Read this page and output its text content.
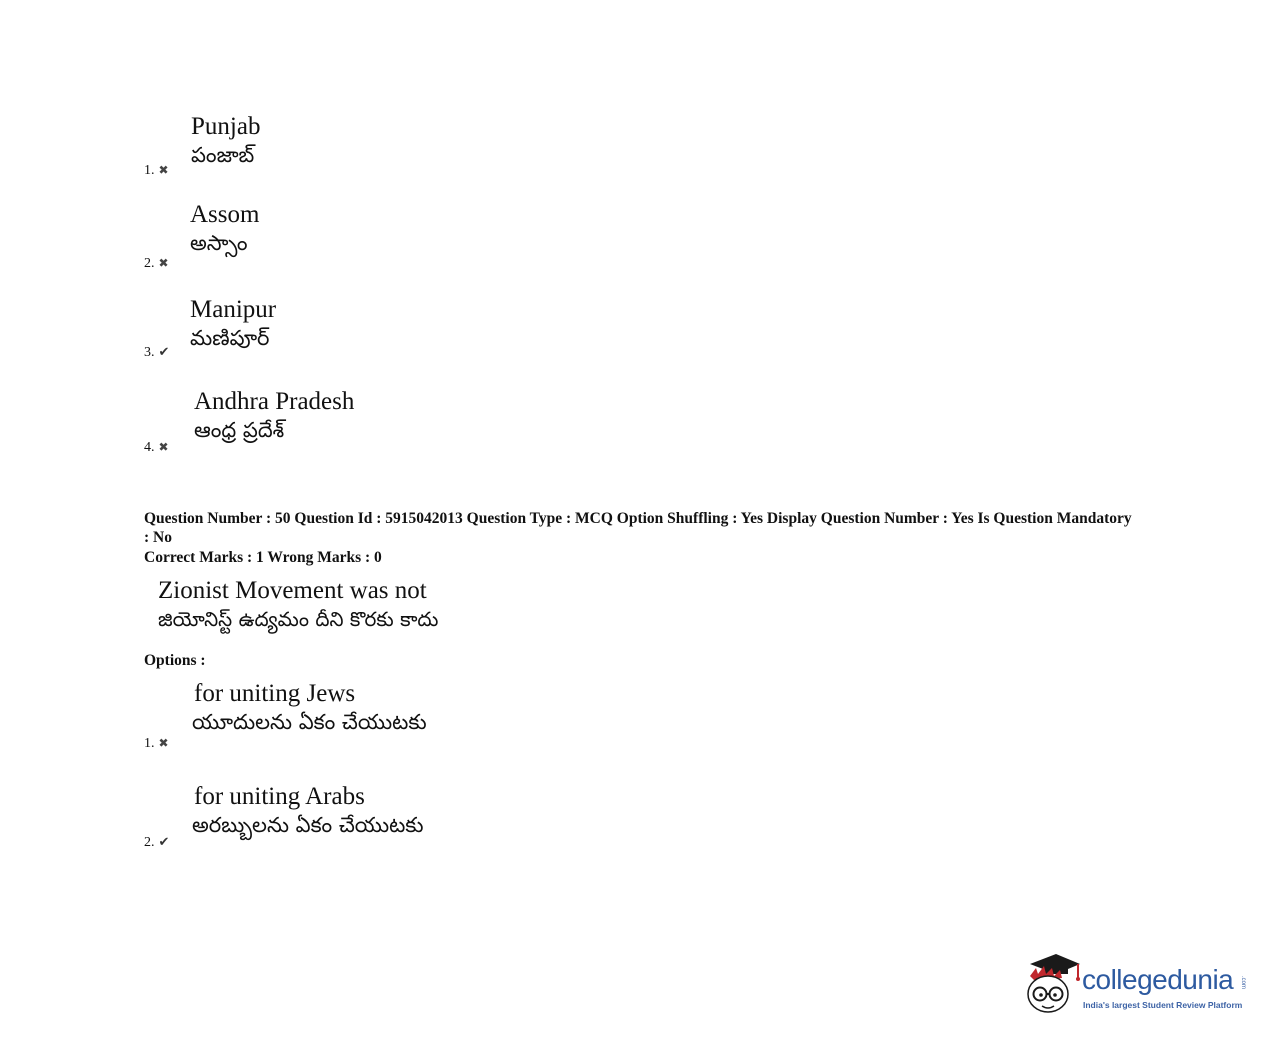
1. ✖
Punjab
పంజాబ్
2. ✖
Assom
అస్సాం
3. ✔
Manipur
మణిపూర్
4. ✖
Andhra Pradesh
ఆంధ్ర ప్రదేశ్
Question Number : 50 Question Id : 5915042013 Question Type : MCQ Option Shuffling : Yes Display Question Number : Yes Is Question Mandatory : No
Correct Marks : 1 Wrong Marks : 0
Zionist Movement was not
జియోనిస్ట్ ఉద్యమం దీని కొరకు కాదు
Options :
1. ✖
for uniting Jews
యూదులను ఏకం చేయుటకు
2. ✔
for uniting Arabs
అరబ్బులను ఏకం చేయుటకు
collegedunia .com
India's largest Student Review Platform
